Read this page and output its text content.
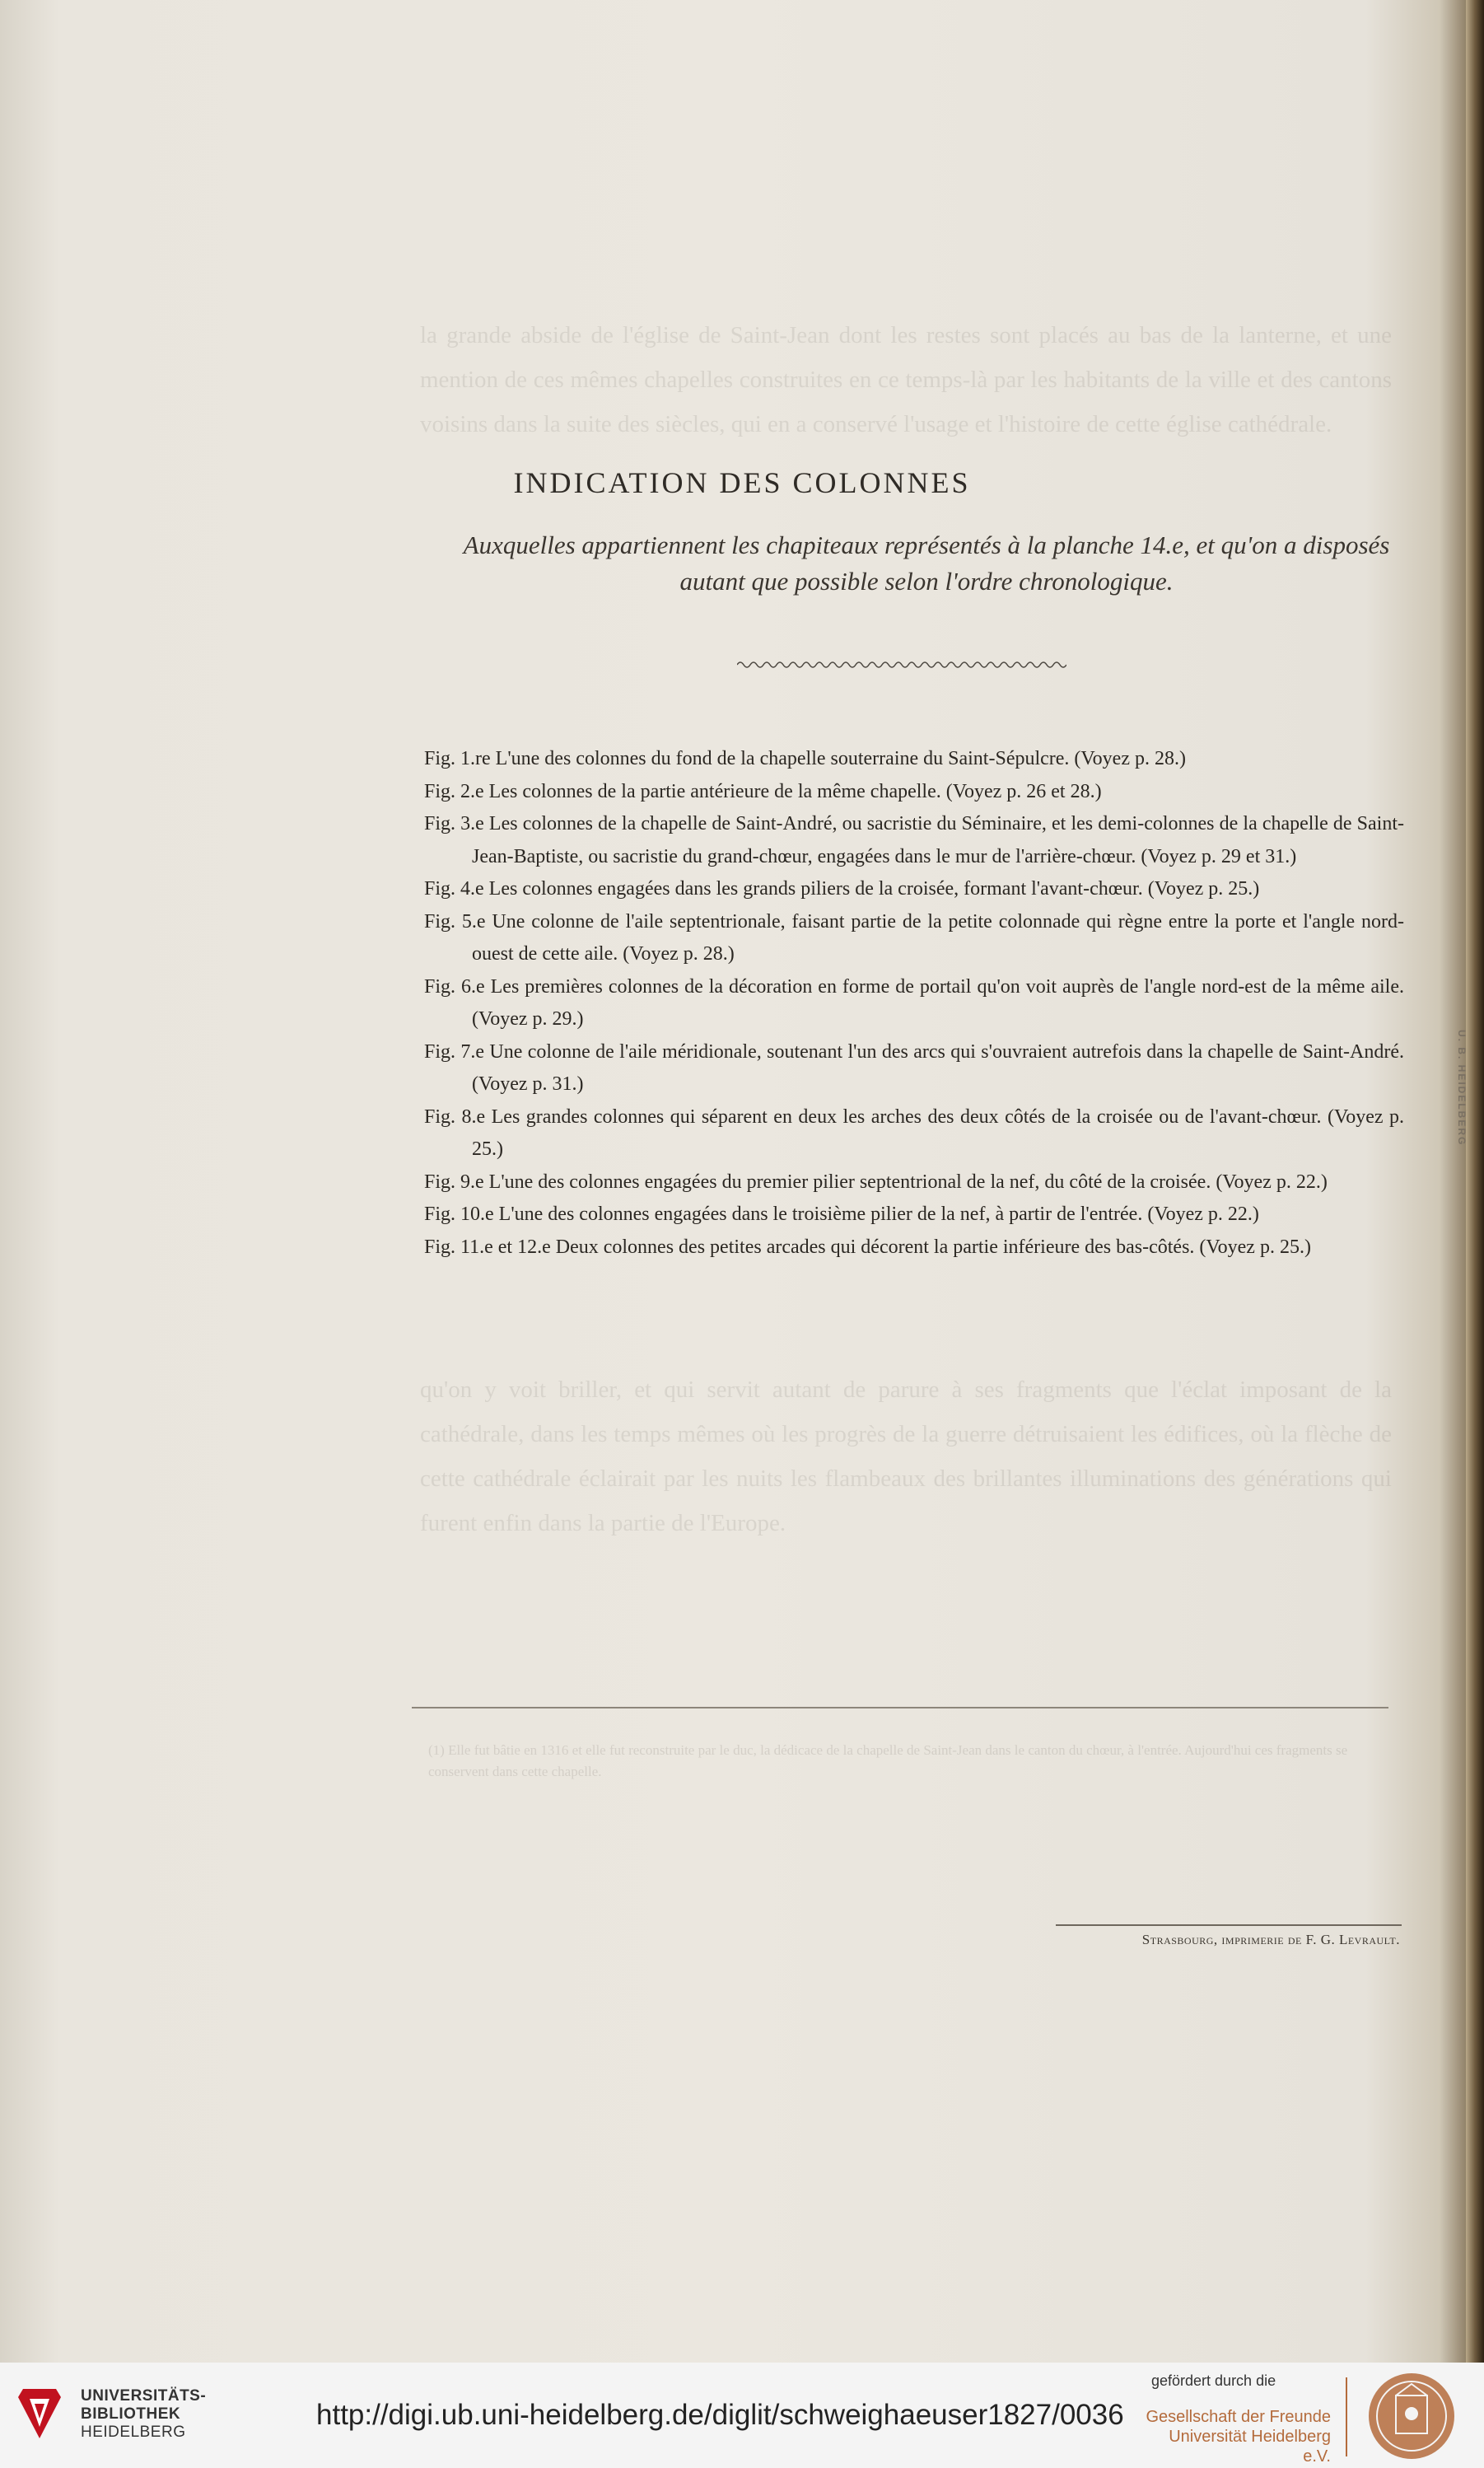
U. B. HEIDELBERG
la grande abside de l'église de Saint-Jean dont les restes sont placés au bas de la lanterne, et une mention de ces mêmes chapelles construites en ce temps-là par les habitants de la ville et des cantons voisins dans la suite des siècles, qui en a conservé l'usage et l'histoire de cette église cathédrale.
qu'on y voit briller, et qui servit autant de parure à ses fragments que l'éclat imposant de la cathédrale, dans les temps mêmes où les progrès de la guerre détruisaient les édifices, où la flèche de cette cathédrale éclairait par les nuits les flambeaux des brillantes illuminations des générations qui furent enfin dans la partie de l'Europe.
INDICATION DES COLONNES
Auxquelles appartiennent les chapiteaux représentés à la planche 14.e, et qu'on a disposés autant que possible selon l'ordre chronologique.
Fig. 1.re L'une des colonnes du fond de la chapelle souterraine du Saint-Sépulcre. (Voyez p. 28.)
Fig. 2.e Les colonnes de la partie antérieure de la même chapelle. (Voyez p. 26 et 28.)
Fig. 3.e Les colonnes de la chapelle de Saint-André, ou sacristie du Séminaire, et les demi-colonnes de la chapelle de Saint-Jean-Baptiste, ou sacristie du grand-chœur, engagées dans le mur de l'arrière-chœur. (Voyez p. 29 et 31.)
Fig. 4.e Les colonnes engagées dans les grands piliers de la croisée, formant l'avant-chœur. (Voyez p. 25.)
Fig. 5.e Une colonne de l'aile septentrionale, faisant partie de la petite colonnade qui règne entre la porte et l'angle nord-ouest de cette aile. (Voyez p. 28.)
Fig. 6.e Les premières colonnes de la décoration en forme de portail qu'on voit auprès de l'angle nord-est de la même aile. (Voyez p. 29.)
Fig. 7.e Une colonne de l'aile méridionale, soutenant l'un des arcs qui s'ouvraient autrefois dans la chapelle de Saint-André. (Voyez p. 31.)
Fig. 8.e Les grandes colonnes qui séparent en deux les arches des deux côtés de la croisée ou de l'avant-chœur. (Voyez p. 25.)
Fig. 9.e L'une des colonnes engagées du premier pilier septentrional de la nef, du côté de la croisée. (Voyez p. 22.)
Fig. 10.e L'une des colonnes engagées dans le troisième pilier de la nef, à partir de l'entrée. (Voyez p. 22.)
Fig. 11.e et 12.e Deux colonnes des petites arcades qui décorent la partie inférieure des bas-côtés. (Voyez p. 25.)
(1) Elle fut bâtie en 1316 et elle fut reconstruite par le duc, la dédicace de la chapelle de Saint-Jean dans le canton du chœur, à l'entrée. Aujourd'hui ces fragments se conservent dans cette chapelle.
Strasbourg, imprimerie de F. G. Levrault.
UNIVERSITÄTS-
BIBLIOTHEK
HEIDELBERG
http://digi.ub.uni-heidelberg.de/diglit/schweighaeuser1827/0036
gefördert durch die
Gesellschaft der Freunde
Universität Heidelberg e.V.
